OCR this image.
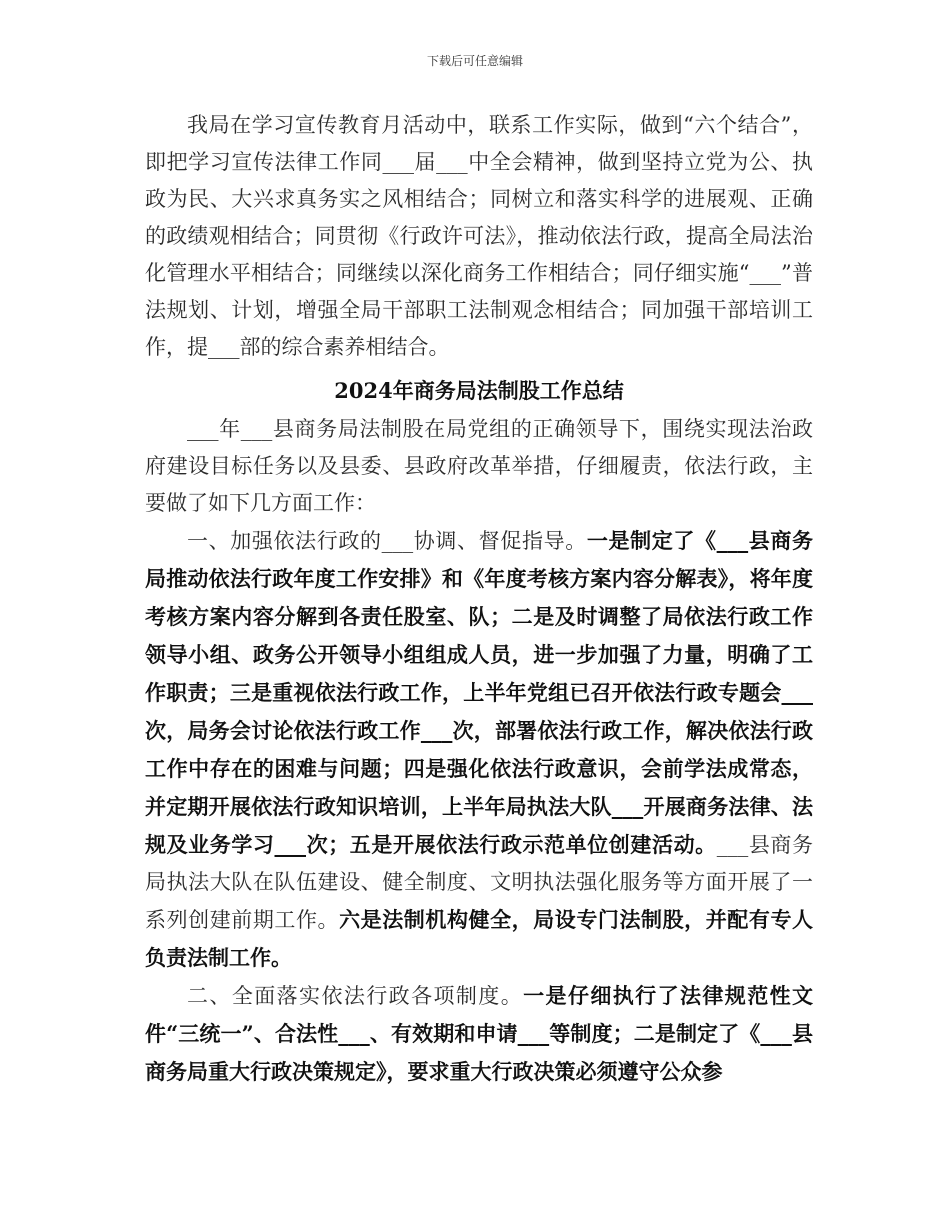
下载后可任意编辑

我局在学习宣传教育月活动中，联系工作实际，做到“六个结合”，即把学习宣传法律工作同___届___中全会精神，做到坚持立党为公、执政为民、大兴求真务实之风相结合；同树立和落实科学的进展观、正确的政绩观相结合；同贯彻《行政许可法》，推动依法行政，提高全局法治化管理水平相结合；同继续以深化商务工作相结合；同仔细实施“___”普法规划、计划，增强全局干部职工法制观念相结合；同加强干部培训工作，提___部的综合素养相结合。

2024年商务局法制股工作总结

___年___县商务局法制股在局党组的正确领导下，围绕实现法治政府建设目标任务以及县委、县政府改革举措，仔细履责，依法行政，主要做了如下几方面工作：

一、加强依法行政的___协调、督促指导。一是制定了《___县商务局推动依法行政年度工作安排》和《年度考核方案内容分解表》，将年度考核方案内容分解到各责任股室、队；二是及时调整了局依法行政工作领导小组、政务公开领导小组组成人员，进一步加强了力量，明确了工作职责；三是重视依法行政工作，上半年党组已召开依法行政专题会___次，局务会讨论依法行政工作___次，部署依法行政工作，解决依法行政工作中存在的困难与问题；四是强化依法行政意识，会前学法成常态，并定期开展依法行政知识培训，上半年局执法大队___开展商务法律、法规及业务学习___次；五是开展依法行政示范单位创建活动。___县商务局执法大队在队伍建设、健全制度、文明执法强化服务等方面开展了一系列创建前期工作。六是法制机构健全，局设专门法制股，并配有专人负责法制工作。

二、全面落实依法行政各项制度。一是仔细执行了法律规范性文件“三统一”、合法性___、有效期和申请___等制度；二是制定了《___县商务局重大行政决策规定》，要求重大行政决策必须遵守公众参
